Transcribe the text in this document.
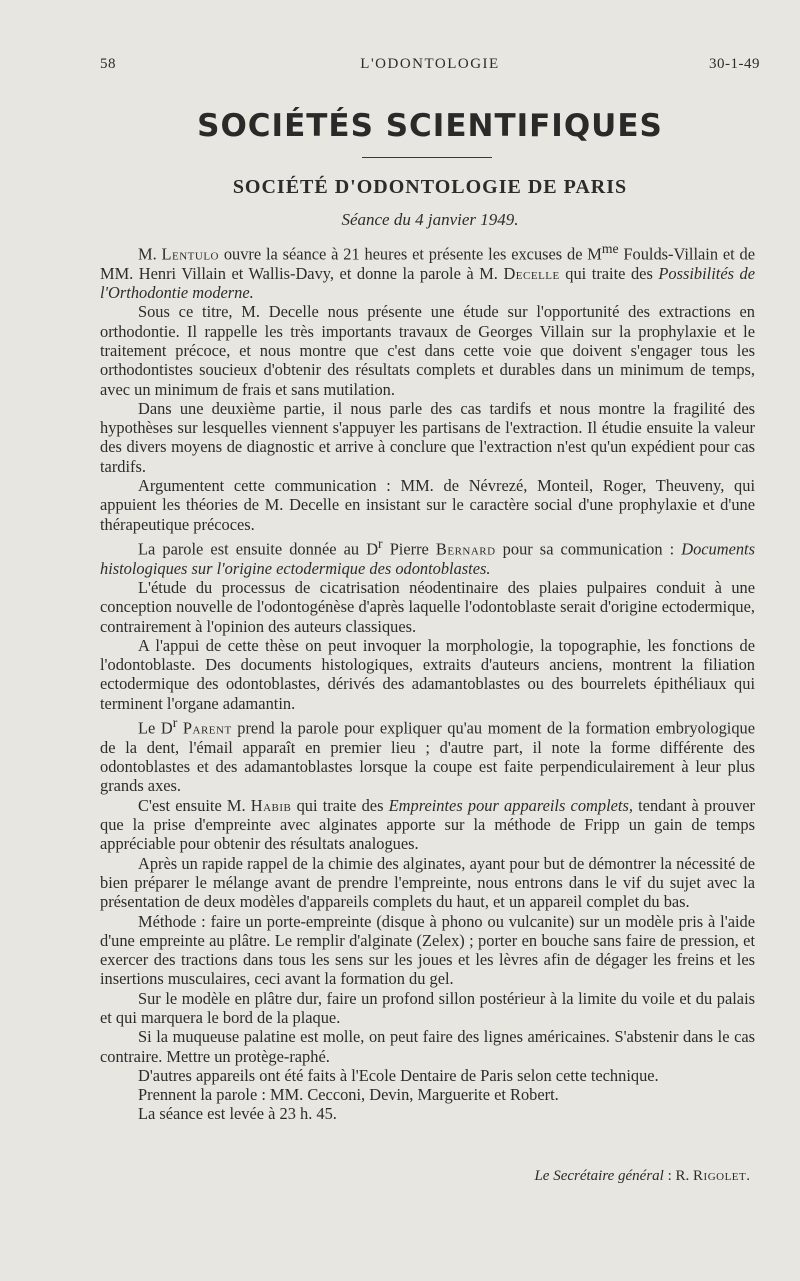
58	L'ODONTOLOGIE	30-1-49
SOCIÉTÉS SCIENTIFIQUES
SOCIÉTÉ D'ODONTOLOGIE DE PARIS
Séance du 4 janvier 1949.

M. Lentulo ouvre la séance à 21 heures et présente les excuses de $M^{me}$ Foulds-Villain et de MM. Henri Villain et Wallis-Davy, et donne la parole à M. Decelle qui traite des Possibilités de l'Orthodontie moderne.

Sous ce titre, M. Decelle nous présente une étude sur l'opportunité des extractions en orthodontie. Il rappelle les très importants travaux de Georges Villain sur la prophylaxie et le traitement précoce, et nous montre que c'est dans cette voie que doivent s'engager tous les orthodontistes soucieux d'obtenir des résultats complets et durables dans un minimum de temps, avec un minimum de frais et sans mutilation.

Dans une deuxième partie, il nous parle des cas tardifs et nous montre la fragilité des hypothèses sur lesquelles viennent s'appuyer les partisans de l'extraction. Il étudie ensuite la valeur des divers moyens de diagnostic et arrive à conclure que l'extraction n'est qu'un expédient pour cas tardifs.

Argumentent cette communication : MM. de Névrezé, Monteil, Roger, Theuveny, qui appuient les théories de M. Decelle en insistant sur le caractère social d'une prophylaxie et d'une thérapeutique précoces.

La parole est ensuite donnée au $D^r$ Pierre Bernard pour sa communication : Documents histologiques sur l'origine ectodermique des odontoblastes.

L'étude du processus de cicatrisation néodentinaire des plaies pulpaires conduit à une conception nouvelle de l'odontogénèse d'après laquelle l'odontoblaste serait d'origine ectodermique, contrairement à l'opinion des auteurs classiques.

A l'appui de cette thèse on peut invoquer la morphologie, la topographie, les fonctions de l'odontoblaste. Des documents histologiques, extraits d'auteurs anciens, montrent la filiation ectodermique des odontoblastes, dérivés des adamantoblastes ou des bourrelets épithéliaux qui terminent l'organe adamantin.

Le $D^r$ Parent prend la parole pour expliquer qu'au moment de la formation embryologique de la dent, l'émail apparaît en premier lieu ; d'autre part, il note la forme différente des odontoblastes et des adamantoblastes lorsque la coupe est faite perpendiculairement à leur plus grands axes.

C'est ensuite M. Habib qui traite des Empreintes pour appareils complets, tendant à prouver que la prise d'empreinte avec alginates apporte sur la méthode de Fripp un gain de temps appréciable pour obtenir des résultats analogues.

Après un rapide rappel de la chimie des alginates, ayant pour but de démontrer la nécessité de bien préparer le mélange avant de prendre l'empreinte, nous entrons dans le vif du sujet avec la présentation de deux modèles d'appareils complets du haut, et un appareil complet du bas.

Méthode : faire un porte-empreinte (disque à phono ou vulcanite) sur un modèle pris à l'aide d'une empreinte au plâtre. Le remplir d'alginate (Zelex) ; porter en bouche sans faire de pression, et exercer des tractions dans tous les sens sur les joues et les lèvres afin de dégager les freins et les insertions musculaires, ceci avant la formation du gel.

Sur le modèle en plâtre dur, faire un profond sillon postérieur à la limite du voile et du palais et qui marquera le bord de la plaque.

Si la muqueuse palatine est molle, on peut faire des lignes américaines. S'abstenir dans le cas contraire. Mettre un protège-raphé.

D'autres appareils ont été faits à l'Ecole Dentaire de Paris selon cette technique.

Prennent la parole : MM. Cecconi, Devin, Marguerite et Robert.

La séance est levée à 23 h. 45.

Le Secrétaire général : R. Rigolet.
